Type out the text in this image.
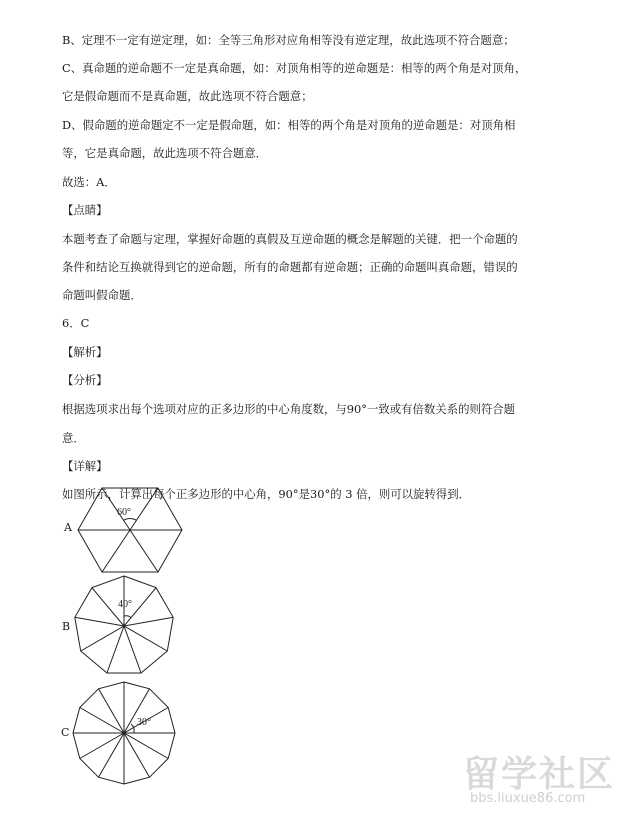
B、定理不一定有逆定理，如：全等三角形对应角相等没有逆定理，故此选项不符合题意；
C、真命题的逆命题不一定是真命题，如：对顶角相等的逆命题是：相等的两个角是对顶角，
它是假命题而不是真命题，故此选项不符合题意；
D、假命题的逆命题定不一定是假命题，如：相等的两个角是对顶角的逆命题是：对顶角相
等，它是真命题，故此选项不符合题意．
故选：A．
【点睛】
本题考查了命题与定理，掌握好命题的真假及互逆命题的概念是解题的关键．把一个命题的
条件和结论互换就得到它的逆命题，所有的命题都有逆命题；正确的命题叫真命题，错误的
命题叫假命题．
6．C
【解析】
【分析】
根据选项求出每个选项对应的正多边形的中心角度数，与90°一致或有倍数关系的则符合题
意．
【详解】
如图所示，计算出每个正多边形的中心角，90°是30°的 3 倍，则可以旋转得到．
A
60°
B
40°
C
30°
留学社区
bbs.liuxue86.com
